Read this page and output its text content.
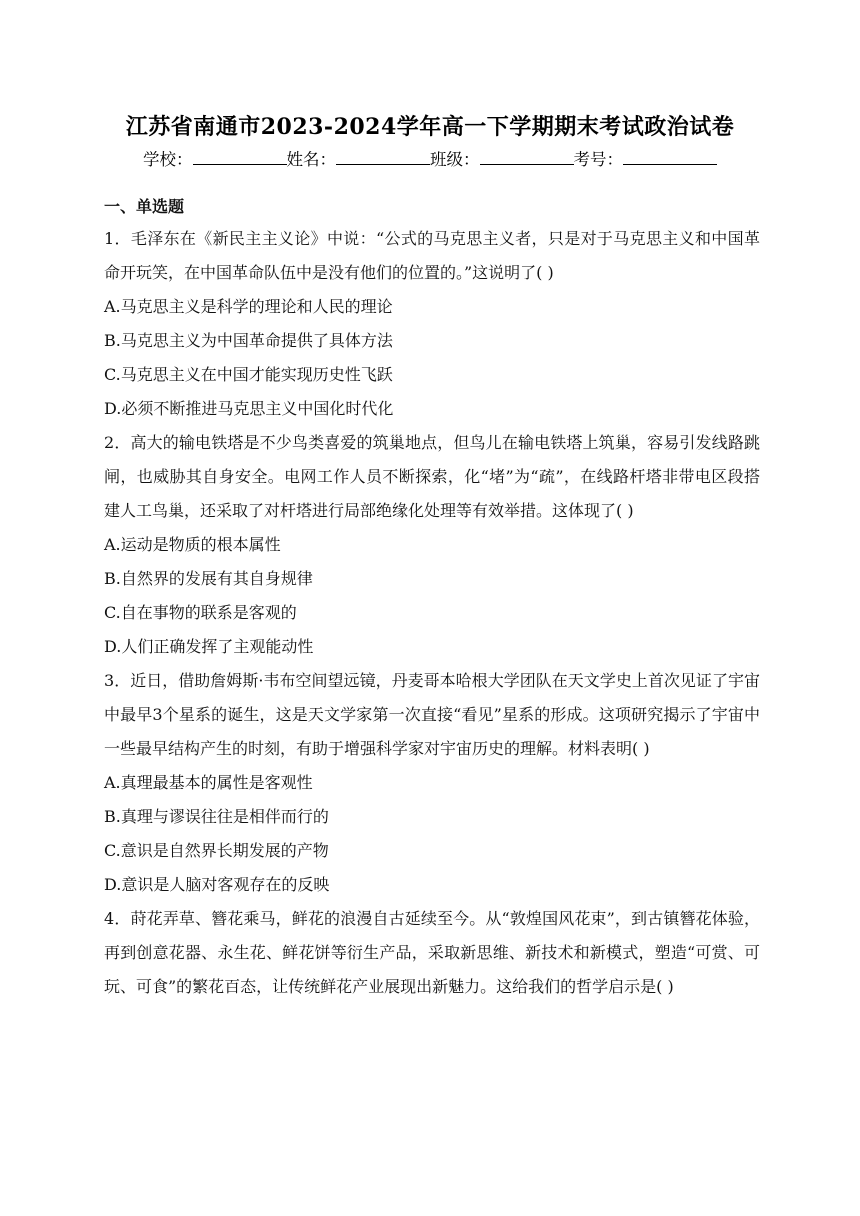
江苏省南通市2023-2024学年高一下学期期末考试政治试卷
学校：	姓名：	班级：	考号：
一、单选题

1．毛泽东在《新民主主义论》中说：“公式的马克思主义者，只是对于马克思主义和中国革命开玩笑，在中国革命队伍中是没有他们的位置的。”这说明了( )

A.马克思主义是科学的理论和人民的理论

B.马克思主义为中国革命提供了具体方法

C.马克思主义在中国才能实现历史性飞跃

D.必须不断推进马克思主义中国化时代化

2．高大的输电铁塔是不少鸟类喜爱的筑巢地点，但鸟儿在输电铁塔上筑巢，容易引发线路跳闸，也威胁其自身安全。电网工作人员不断探索，化“堵”为“疏”，在线路杆塔非带电区段搭建人工鸟巢，还采取了对杆塔进行局部绝缘化处理等有效举措。这体现了( )

A.运动是物质的根本属性

B.自然界的发展有其自身规律

C.自在事物的联系是客观的

D.人们正确发挥了主观能动性

3．近日，借助詹姆斯·韦布空间望远镜，丹麦哥本哈根大学团队在天文学史上首次见证了宇宙中最早3个星系的诞生，这是天文学家第一次直接“看见”星系的形成。这项研究揭示了宇宙中一些最早结构产生的时刻，有助于增强科学家对宇宙历史的理解。材料表明( )

A.真理最基本的属性是客观性

B.真理与谬误往往是相伴而行的

C.意识是自然界长期发展的产物

D.意识是人脑对客观存在的反映

4．莳花弄草、簪花乘马，鲜花的浪漫自古延续至今。从“敦煌国风花束”，到古镇簪花体验，再到创意花器、永生花、鲜花饼等衍生产品，采取新思维、新技术和新模式，塑造“可赏、可玩、可食”的繁花百态，让传统鲜花产业展现出新魅力。这给我们的哲学启示是( )
